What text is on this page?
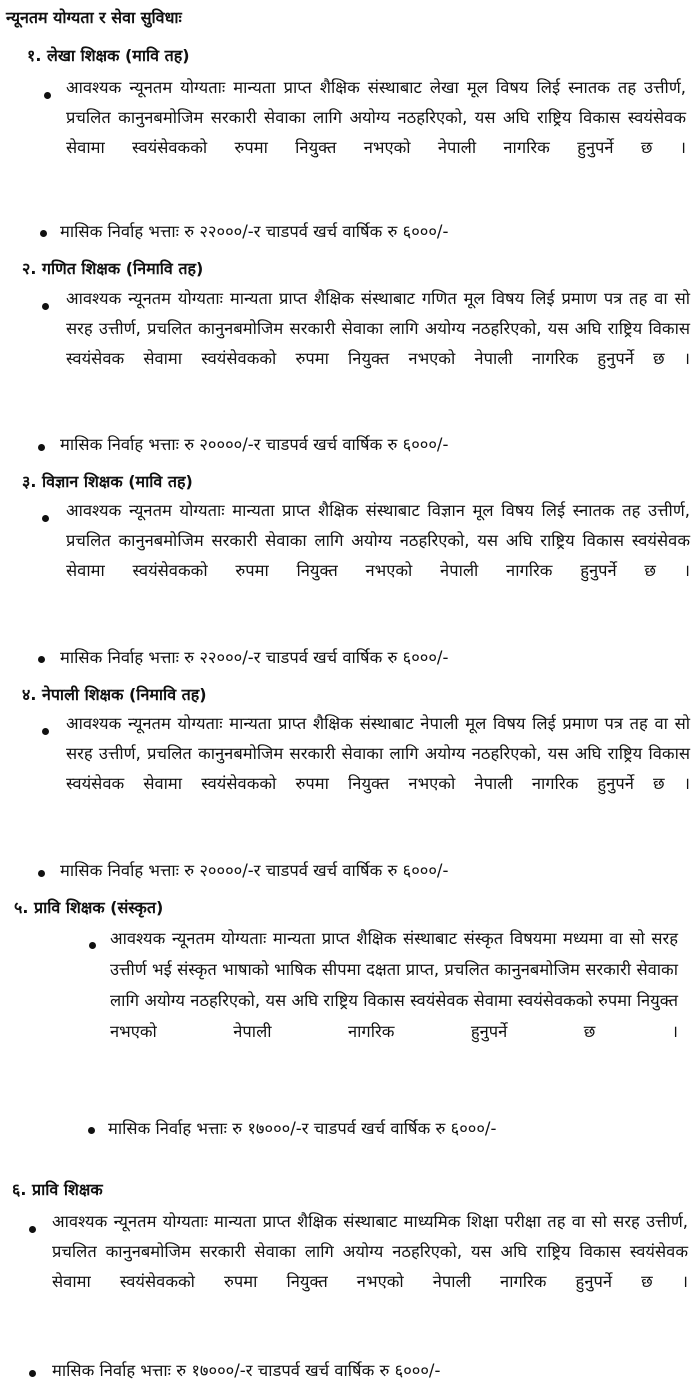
न्यूनतम योग्यता र सेवा सुविधाः
१. लेखा शिक्षक (मावि तह)

आवश्यक न्यूनतम योग्यताः मान्यता प्राप्त शैक्षिक संस्थाबाट लेखा मूल विषय लिई स्नातक तह उत्तीर्ण, प्रचलित कानुनबमोजिम सरकारी सेवाका लागि अयोग्य नठहरिएको, यस अघि राष्ट्रिय विकास स्वयंसेवक सेवामा स्वयंसेवकको रुपमा नियुक्त नभएको नेपाली नागरिक हुनुपर्ने छ ।

मासिक निर्वाह भत्ताः रु २२०००/-र चाडपर्व खर्च वार्षिक रु ६०००/-
२. गणित शिक्षक (निमावि तह)

आवश्यक न्यूनतम योग्यताः मान्यता प्राप्त शैक्षिक संस्थाबाट गणित मूल विषय लिई प्रमाण पत्र तह वा सो सरह उत्तीर्ण, प्रचलित कानुनबमोजिम सरकारी सेवाका लागि अयोग्य नठहरिएको, यस अघि राष्ट्रिय विकास स्वयंसेवक सेवामा स्वयंसेवकको रुपमा नियुक्त नभएको नेपाली नागरिक हुनुपर्ने छ ।

मासिक निर्वाह भत्ताः रु २००००/-र चाडपर्व खर्च वार्षिक रु ६०००/-
३. विज्ञान शिक्षक (मावि तह)

आवश्यक न्यूनतम योग्यताः मान्यता प्राप्त शैक्षिक संस्थाबाट विज्ञान मूल विषय लिई स्नातक तह उत्तीर्ण, प्रचलित कानुनबमोजिम सरकारी सेवाका लागि अयोग्य नठहरिएको, यस अघि राष्ट्रिय विकास स्वयंसेवक सेवामा स्वयंसेवकको रुपमा नियुक्त नभएको नेपाली नागरिक हुनुपर्ने छ ।

मासिक निर्वाह भत्ताः रु २२०००/-र चाडपर्व खर्च वार्षिक रु ६०००/-
४. नेपाली शिक्षक (निमावि तह)

आवश्यक न्यूनतम योग्यताः मान्यता प्राप्त शैक्षिक संस्थाबाट नेपाली मूल विषय लिई प्रमाण पत्र तह वा सो सरह उत्तीर्ण, प्रचलित कानुनबमोजिम सरकारी सेवाका लागि अयोग्य नठहरिएको, यस अघि राष्ट्रिय विकास स्वयंसेवक सेवामा स्वयंसेवकको रुपमा नियुक्त नभएको नेपाली नागरिक हुनुपर्ने छ ।

मासिक निर्वाह भत्ताः रु २००००/-र चाडपर्व खर्च वार्षिक रु ६०००/-
५. प्रावि शिक्षक (संस्कृत)

आवश्यक न्यूनतम योग्यताः मान्यता प्राप्त शैक्षिक संस्थाबाट संस्कृत विषयमा मध्यमा वा सो सरह उत्तीर्ण भई संस्कृत भाषाको भाषिक सीपमा दक्षता प्राप्त, प्रचलित कानुनबमोजिम सरकारी सेवाका लागि अयोग्य नठहरिएको, यस अघि राष्ट्रिय विकास स्वयंसेवक सेवामा स्वयंसेवकको रुपमा नियुक्त नभएको नेपाली नागरिक हुनुपर्ने छ ।

मासिक निर्वाह भत्ताः रु १७०००/-र चाडपर्व खर्च वार्षिक रु ६०००/-
६. प्रावि शिक्षक

आवश्यक न्यूनतम योग्यताः मान्यता प्राप्त शैक्षिक संस्थाबाट माध्यमिक शिक्षा परीक्षा तह वा सो सरह उत्तीर्ण, प्रचलित कानुनबमोजिम सरकारी सेवाका लागि अयोग्य नठहरिएको, यस अघि राष्ट्रिय विकास स्वयंसेवक सेवामा स्वयंसेवकको रुपमा नियुक्त नभएको नेपाली नागरिक हुनुपर्ने छ ।

मासिक निर्वाह भत्ताः रु १७०००/-र चाडपर्व खर्च वार्षिक रु ६०००/-
